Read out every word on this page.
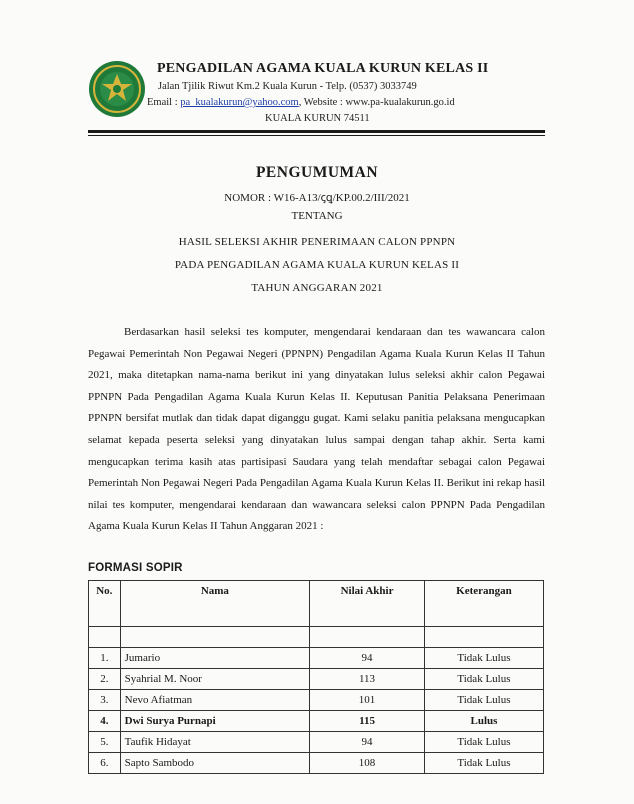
PENGADILAN AGAMA KUALA KURUN KELAS II
Jalan Tjilik Riwut Km.2 Kuala Kurun - Telp. (0537) 3033749
Email : pa_kualakurun@yahoo.com, Website : www.pa-kualakurun.go.id
KUALA KURUN 74511
PENGUMUMAN
NOMOR : W16-A13/ꞔꝗ/KP.00.2/III/2021
TENTANG
HASIL SELEKSI AKHIR PENERIMAAN CALON PPNPN
PADA PENGADILAN AGAMA KUALA KURUN KELAS II
TAHUN ANGGARAN 2021
Berdasarkan hasil seleksi tes komputer, mengendarai kendaraan dan tes wawancara calon Pegawai Pemerintah Non Pegawai Negeri (PPNPN) Pengadilan Agama Kuala Kurun Kelas II Tahun 2021, maka ditetapkan nama-nama berikut ini yang dinyatakan lulus seleksi akhir calon Pegawai PPNPN Pada Pengadilan Agama Kuala Kurun Kelas II. Keputusan Panitia Pelaksana Penerimaan PPNPN bersifat mutlak dan tidak dapat diganggu gugat. Kami selaku panitia pelaksana mengucapkan selamat kepada peserta seleksi yang dinyatakan lulus sampai dengan tahap akhir. Serta kami mengucapkan terima kasih atas partisipasi Saudara yang telah mendaftar sebagai calon Pegawai Pemerintah Non Pegawai Negeri Pada Pengadilan Agama Kuala Kurun Kelas II. Berikut ini rekap hasil nilai tes komputer, mengendarai kendaraan dan wawancara seleksi calon PPNPN Pada Pengadilan Agama Kuala Kurun Kelas II Tahun Anggaran 2021 :
FORMASI SOPIR
No.	Nama	Nilai Akhir	Keterangan

1.	Jumario	94	Tidak Lulus
2.	Syahrial M. Noor	113	Tidak Lulus
3.	Nevo Afiatman	101	Tidak Lulus
4.	Dwi Surya Purnapi	115	Lulus
5.	Taufik Hidayat	94	Tidak Lulus
6.	Sapto Sambodo	108	Tidak Lulus
